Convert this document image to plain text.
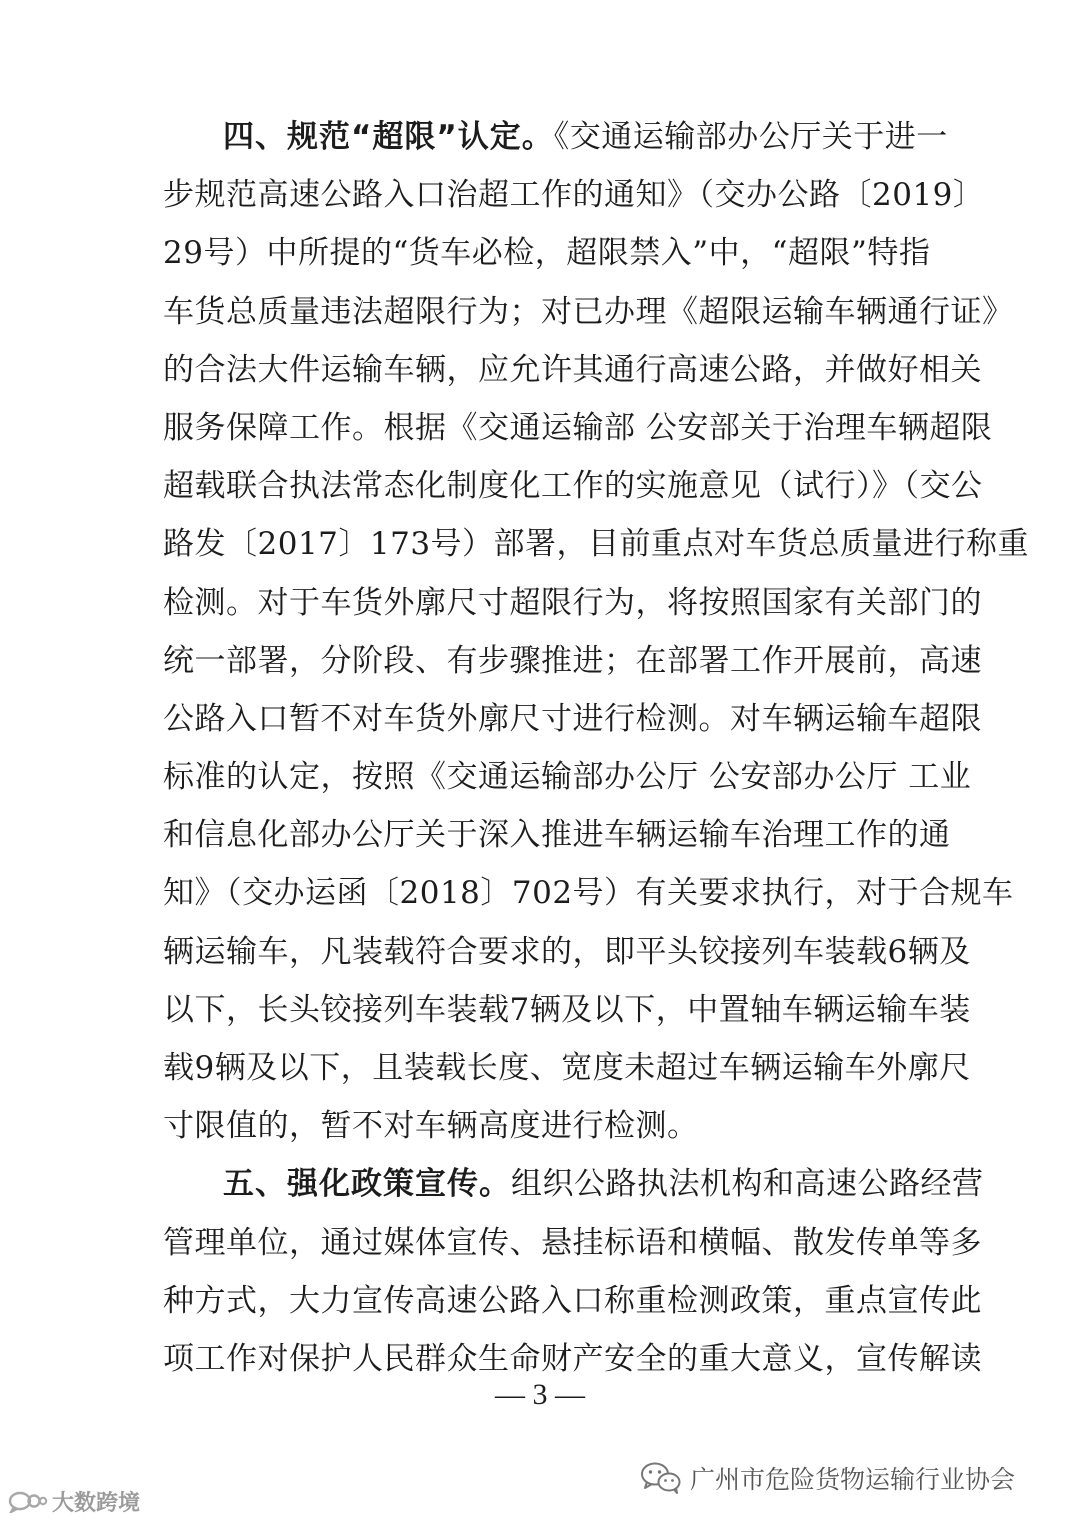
四、规范“超限”认定。《交通运输部办公厅关于进一
步规范高速公路入口治超工作的通知》（交办公路〔2019〕
29号）中所提的“货车必检，超限禁入”中，“超限”特指
车货总质量违法超限行为；对已办理《超限运输车辆通行证》
的合法大件运输车辆，应允许其通行高速公路，并做好相关
服务保障工作。根据《交通运输部 公安部关于治理车辆超限
超载联合执法常态化制度化工作的实施意见（试行）》（交公
路发〔2017〕173号）部署，目前重点对车货总质量进行称重
检测。对于车货外廓尺寸超限行为，将按照国家有关部门的
统一部署，分阶段、有步骤推进；在部署工作开展前，高速
公路入口暂不对车货外廓尺寸进行检测。对车辆运输车超限
标准的认定，按照《交通运输部办公厅 公安部办公厅 工业
和信息化部办公厅关于深入推进车辆运输车治理工作的通
知》（交办运函〔2018〕702号）有关要求执行，对于合规车
辆运输车，凡装载符合要求的，即平头铰接列车装载6辆及
以下，长头铰接列车装载7辆及以下，中置轴车辆运输车装
载9辆及以下，且装载长度、宽度未超过车辆运输车外廓尺
寸限值的，暂不对车辆高度进行检测。
五、强化政策宣传。组织公路执法机构和高速公路经营
管理单位，通过媒体宣传、悬挂标语和横幅、散发传单等多
种方式，大力宣传高速公路入口称重检测政策，重点宣传此
项工作对保护人民群众生命财产安全的重大意义，宣传解读
— 3 —
广州市危险货物运输行业协会
大数跨境
